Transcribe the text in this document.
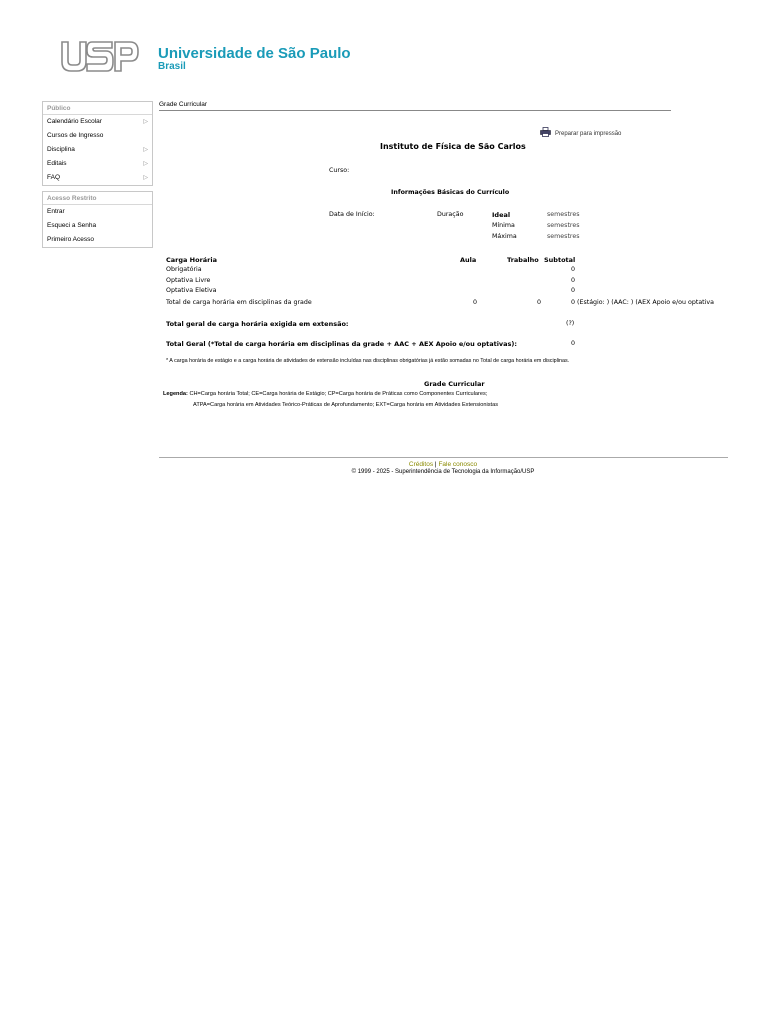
Universidade de São Paulo
Brasil
Público
Calendário Escolar	▷
Cursos de Ingresso
Disciplina	▷
Editais	▷
FAQ	▷
Acesso Restrito
Entrar
Esqueci a Senha
Primeiro Acesso
Grade Curricular
Preparar para impressão
Instituto de Física de São Carlos
Curso:
Informações Básicas do Currículo
Data de Início:	Duração	Ideal	semestres
Mínima	semestres
Máxima	semestres
Carga Horária	Aula	Trabalho Subtotal
Obrigatória	0
Optativa Livre	0
Optativa Eletiva	0
Total de carga horária em disciplinas da grade	0	0	0 (Estágio: ) (AAC: ) (AEX Apoio e/ou optativa
Total geral de carga horária exigida em extensão:	(?)
Total Geral (*Total de carga horária em disciplinas da grade + AAC + AEX Apoio e/ou optativas):	0
* A carga horária de estágio e a carga horária de atividades de extensão incluídas nas disciplinas obrigatórias já estão somadas no Total de carga horária em disciplinas.
Grade Curricular
Legenda: CH=Carga horária Total; CE=Carga horária de Estágio; CP=Carga horária de Práticas como Componentes Curriculares;
ATPA=Carga horária em Atividades Teórico-Práticas de Aprofundamento; EXT=Carga horária em Atividades Extensionistas
Créditos | Fale conosco
© 1999 - 2025 - Superintendência de Tecnologia da Informação/USP
